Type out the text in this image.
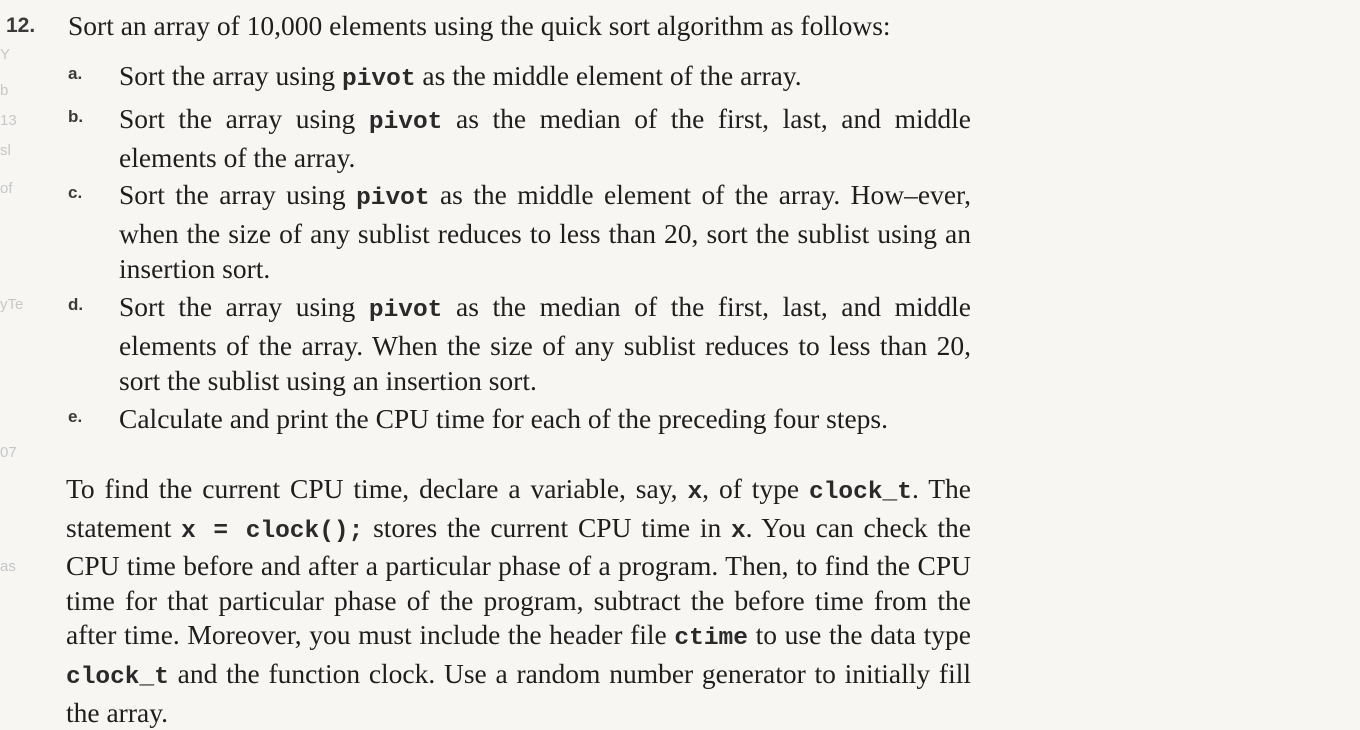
Y
b
13
sl
of
yTe
07
as
12. Sort an array of 10,000 elements using the quick sort algorithm as follows:
a. Sort the array using pivot as the middle element of the array.
b. Sort the array using pivot as the median of the first, last, and middle elements of the array.
c. Sort the array using pivot as the middle element of the array. How–ever, when the size of any sublist reduces to less than 20, sort the sublist using an insertion sort.
d. Sort the array using pivot as the median of the first, last, and middle elements of the array. When the size of any sublist reduces to less than 20, sort the sublist using an insertion sort.
e. Calculate and print the CPU time for each of the preceding four steps.
To find the current CPU time, declare a variable, say, x, of type clock_t. The statement x = clock(); stores the current CPU time in x. You can check the CPU time before and after a particular phase of a program. Then, to find the CPU time for that particular phase of the program, subtract the before time from the after time. Moreover, you must include the header file ctime to use the data type clock_t and the function clock. Use a random number generator to initially fill the array.
